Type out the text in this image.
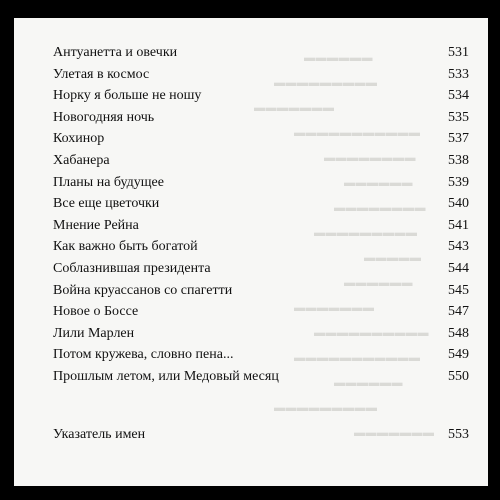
▬▬▬▬▬▬
▬▬▬▬▬▬▬▬▬
▬▬▬▬▬▬▬
▬▬▬▬▬▬▬▬▬▬▬
▬▬▬▬▬▬▬▬
▬▬▬▬▬▬
▬▬▬▬▬▬▬▬
▬▬▬▬▬▬▬▬▬
▬▬▬▬▬
▬▬▬▬▬▬
▬▬▬▬▬▬▬
▬▬▬▬▬▬▬▬▬▬
▬▬▬▬▬▬▬▬▬▬▬
▬▬▬▬▬▬
▬▬▬▬▬▬▬▬▬
▬▬▬▬▬▬▬
Антуанетта и овечки	531
Улетая в космос	533
Норку я больше не ношу	534
Новогодняя ночь	535
Кохинор	537
Хабанера	538
Планы на будущее	539
Все еще цветочки	540
Мнение Рейна	541
Как важно быть богатой	543
Соблазнившая президента	544
Война круассанов со спагетти	545
Новое о Боссе	547
Лили Марлен	548
Потом кружева, словно пена...	549
Прошлым летом, или Медовый месяц	550
Указатель имен	553
